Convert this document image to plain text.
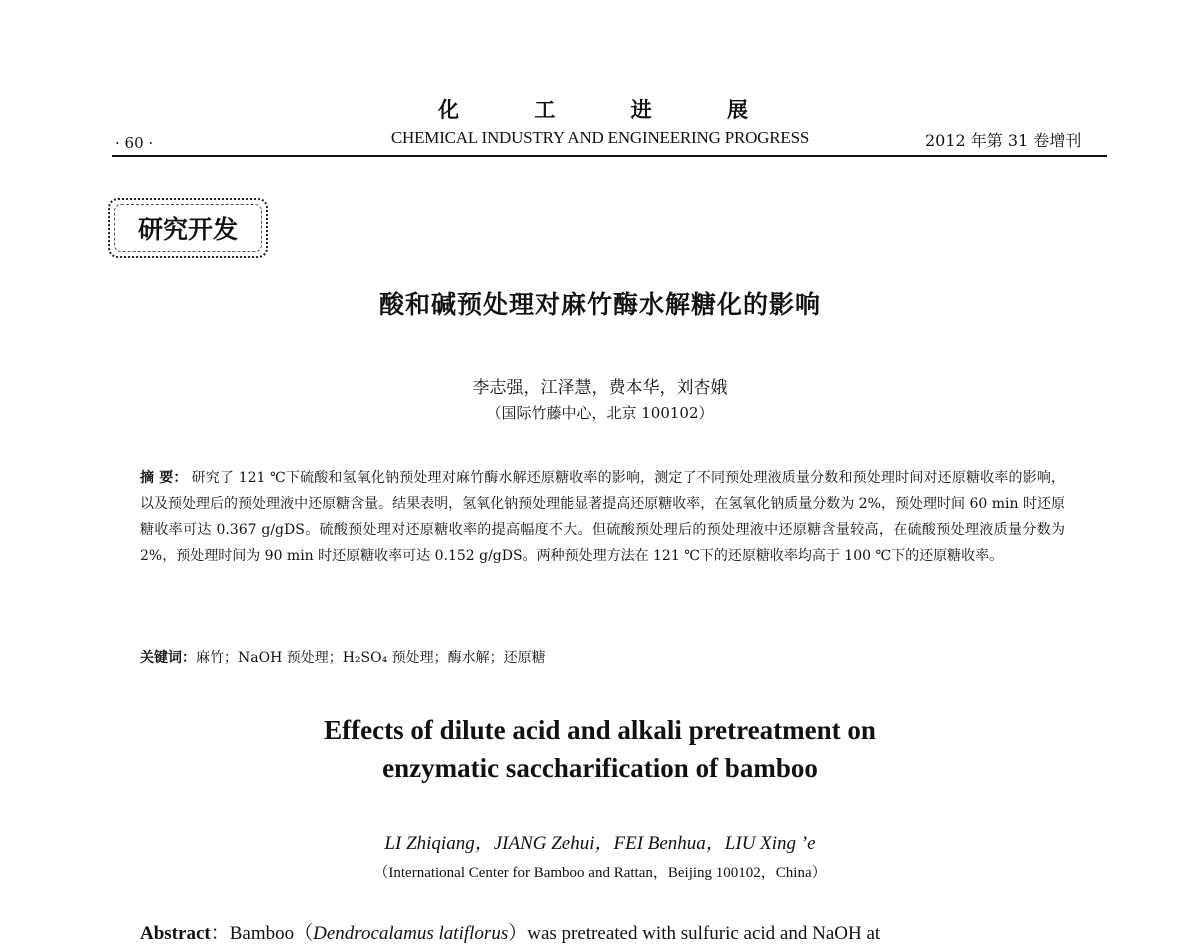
化 工 进 展
· 60 ·	CHEMICAL INDUSTRY AND ENGINEERING PROGRESS	2012 年第 31 卷增刊
研究开发
酸和碱预处理对麻竹酶水解糖化的影响
李志强，江泽慧，费本华，刘杏娥
（国际竹藤中心，北京 100102）
摘 要： 研究了 121 ℃下硫酸和氢氧化钠预处理对麻竹酶水解还原糖收率的影响，测定了不同预处理液质量分数和预处理时间对还原糖收率的影响，以及预处理后的预处理液中还原糖含量。结果表明，氢氧化钠预处理能显著提高还原糖收率，在氢氧化钠质量分数为 2%，预处理时间 60 min 时还原糖收率可达 0.367 g/gDS。硫酸预处理对还原糖收率的提高幅度不大。但硫酸预处理后的预处理液中还原糖含量较高，在硫酸预处理液质量分数为 2%，预处理时间为 90 min 时还原糖收率可达 0.152 g/gDS。两种预处理方法在 121 ℃下的还原糖收率均高于 100 ℃下的还原糖收率。
关键词：麻竹；NaOH 预处理；H₂SO₄ 预处理；酶水解；还原糖
Effects of dilute acid and alkali pretreatment on
enzymatic saccharification of bamboo
LI Zhiqiang，JIANG Zehui，FEI Benhua，LIU Xing ’e
（International Center for Bamboo and Rattan，Beijing 100102，China）
Abstract：Bamboo（Dendrocalamus latiflorus）was pretreated with sulfuric acid and NaOH at
